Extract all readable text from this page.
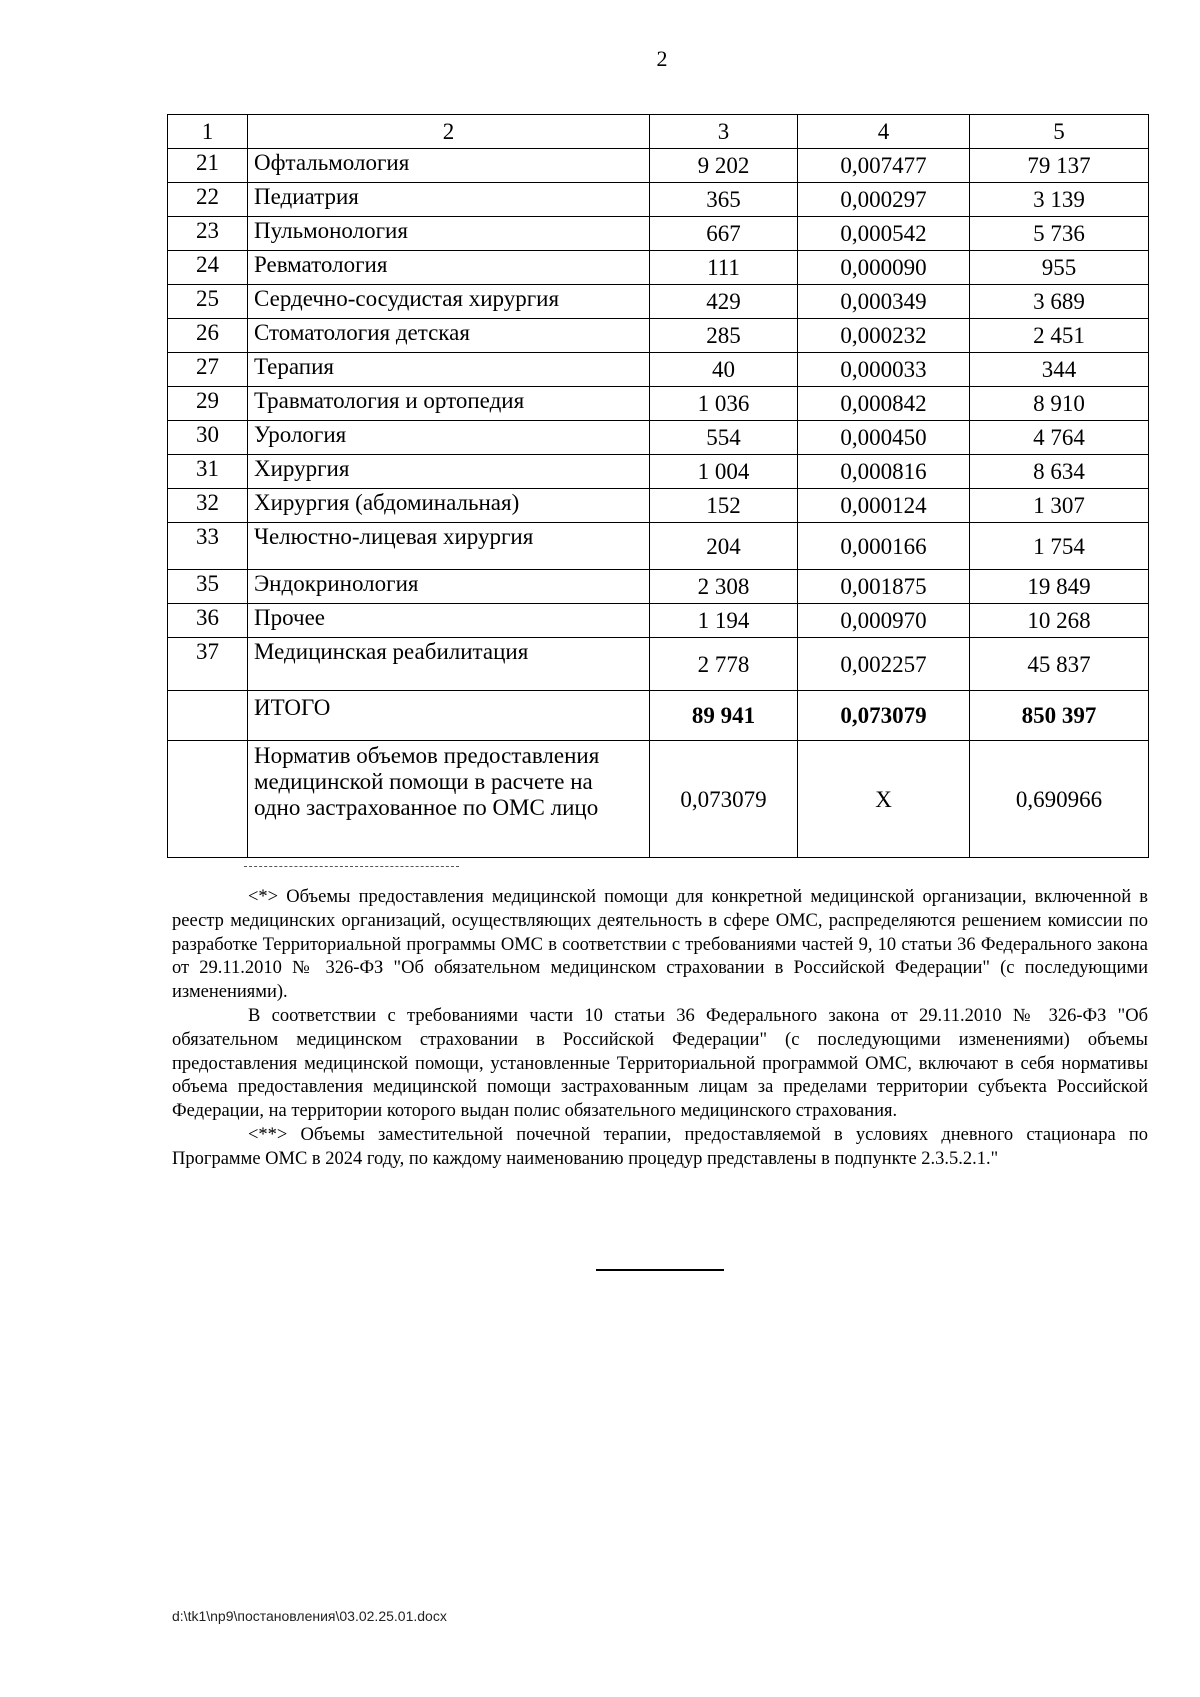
2
1	2	3	4	5
21	Офтальмология	9 202	0,007477	79 137
22	Педиатрия	365	0,000297	3 139
23	Пульмонология	667	0,000542	5 736
24	Ревматология	111	0,000090	955
25	Сердечно-сосудистая хирургия	429	0,000349	3 689
26	Стоматология детская	285	0,000232	2 451
27	Терапия	40	0,000033	344
29	Травматология и ортопедия	1 036	0,000842	8 910
30	Урология	554	0,000450	4 764
31	Хирургия	1 004	0,000816	8 634
32	Хирургия (абдоминальная)	152	0,000124	1 307
33	Челюстно-лицевая хирургия	204	0,000166	1 754
35	Эндокринология	2 308	0,001875	19 849
36	Прочее	1 194	0,000970	10 268
37	Медицинская реабилитация	2 778	0,002257	45 837
	ИТОГО	89 941	0,073079	850 397
	Норматив объемов предоставления медицинской помощи в расчете на одно застрахованное по ОМС лицо	0,073079	Х	0,690966

<*> Объемы предоставления медицинской помощи для конкретной медицинской организации, включенной в реестр медицинских организаций, осуществляющих деятельность в сфере ОМС, распределяются решением комиссии по разработке Территориальной программы ОМС в соответствии с требованиями частей 9, 10 статьи 36 Федерального закона от 29.11.2010 № 326-ФЗ "Об обязательном медицинском страховании в Российской Федерации" (с последующими изменениями).

В соответствии с требованиями части 10 статьи 36 Федерального закона от 29.11.2010 № 326-ФЗ "Об обязательном медицинском страховании в Российской Федерации" (с последующими изменениями) объемы предоставления медицинской помощи, установленные Территориальной программой ОМС, включают в себя нормативы объема предоставления медицинской помощи застрахованным лицам за пределами территории субъекта Российской Федерации, на территории которого выдан полис обязательного медицинского страхования.

<**> Объемы заместительной почечной терапии, предоставляемой в условиях дневного стационара по Программе ОМС в 2024 году, по каждому наименованию процедур представлены в подпункте 2.3.5.2.1."

d:\tk1\np9\постановления\03.02.25.01.docx
